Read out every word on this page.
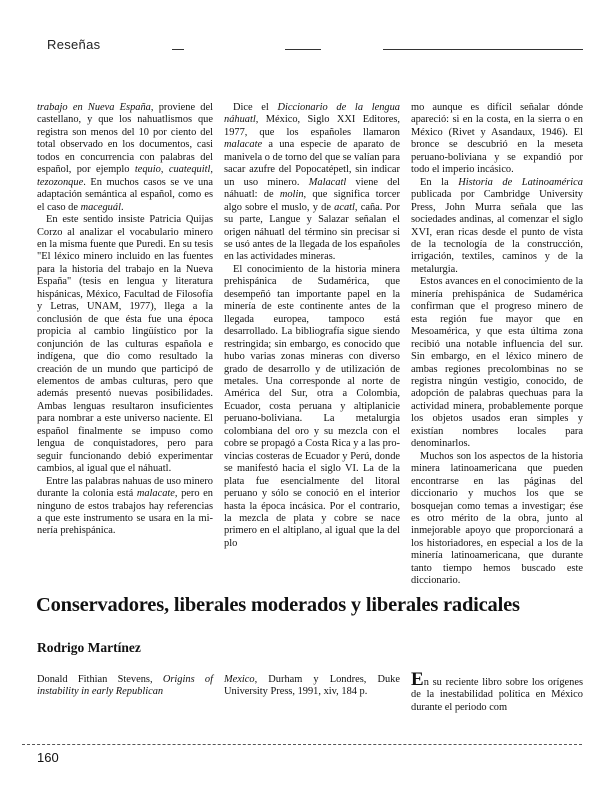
Reseñas

trabajo en Nueva España, proviene del castellano, y que los nahuatlismos que registra son menos del 10 por ciento del total observado en los documentos, casi todos en concurrencia con palabras del español, por ejemplo tequio, cuatequitl, tezozonque. En muchos casos se ve una adaptación semántica al español, como es el caso de maceguál.

En este sentido insiste Patricia Quijas Corzo al analizar el vocabulario minero en la misma fuente que Puredi. En su tesis "El léxico minero incluido en las fuentes para la historia del trabajo en la Nueva España" (tesis en lengua y literatura hispánicas, México, Facultad de Filosofía y Letras, UNAM, 1977), llega a la conclusión de que ésta fue una época propicia al cambio lingüístico por la conjunción de las culturas española e indígena, que dio como resultado la creación de un mundo que participó de elementos de ambas culturas, pero que además presentó nuevas posibilidades. Ambas lenguas resultaron insuficientes para nombrar a este universo naciente. El español finalmente se impuso como lengua de conquistadores, pero para seguir funcionando debió experimentar cambios, al igual que el náhuatl.

Entre las palabras nahuas de uso minero durante la colonia está malacate, pero en ninguno de estos trabajos hay referencias a que este instrumento se usara en la minería prehispánica.

Dice el Diccionario de la lengua náhuatl, México, Siglo XXI Editores, 1977, que los españoles llamaron malacate a una especie de aparato de manivela o de torno del que se valían para sacar azufre del Popocatépetl, sin indicar un uso minero. Malacatl viene del náhuatl: de molin, que significa torcer algo sobre el muslo, y de acatl, caña. Por su parte, Langue y Salazar señalan el origen náhuatl del término sin precisar si se usó antes de la llegada de los españoles en las actividades mineras.

El conocimiento de la historia minera prehispánica de Sudamérica, que desempeñó tan importante papel en la minería de este continente antes de la llegada europea, tampoco está desarrollado. La bibliografía sigue siendo restringida; sin embargo, es conocido que hubo varias zonas mineras con diverso grado de desarrollo y de utilización de metales. Una corresponde al norte de América del Sur, otra a Colombia, Ecuador, costa peruana y altiplanicie peruano-boliviana. La metalurgia colombiana del oro y su mezcla con el cobre se propagó a Costa Rica y a las provincias costeras de Ecuador y Perú, donde se manifestó hacia el siglo VI. La de la plata fue esencialmente del litoral peruano y sólo se conoció en el interior hasta la época incásica. Por el contrario, la mezcla de plata y cobre se nace primero en el altiplano, al igual que la del plo

mo aunque es difícil señalar dónde apareció: si en la costa, en la sierra o en México (Rivet y Asandaux, 1946). El bronce se descubrió en la meseta peruano-boliviana y se expandió por todo el imperio incásico.

En la Historia de Latinoamérica publicada por Cambridge University Press, John Murra señala que las sociedades andinas, al comenzar el siglo XVI, eran ricas desde el punto de vista de la tecnología de la construcción, irrigación, textiles, caminos y de la metalurgia.

Estos avances en el conocimiento de la minería prehispánica de Sudamérica confirman que el progreso minero de esta región fue mayor que en Mesoamérica, y que esta última zona recibió una notable influencia del sur. Sin embargo, en el léxico minero de ambas regiones precolombinas no se registra ningún vestigio, conocido, de adopción de palabras quechuas para la actividad minera, probablemente porque los objetos usados eran simples y existían nombres locales para denominarlos.

Muchos son los aspectos de la historia minera latinoamericana que pueden encontrarse en las páginas del diccionario y muchos los que se bosquejan como temas a investigar; ése es otro mérito de la obra, junto al inmejorable apoyo que proporcionará a los historiadores, en especial a los de la minería latinoamericana, que durante tanto tiempo hemos buscado este diccionario.

Conservadores, liberales moderados y liberales radicales
Rodrigo Martínez
Donald Fithian Stevens, Origins of instability in early Republican
Mexico, Durham y Londres, Duke University Press, 1991, xiv, 184 p.
En su reciente libro sobre los orígenes de la inestabilidad política en México durante el periodo com
160
